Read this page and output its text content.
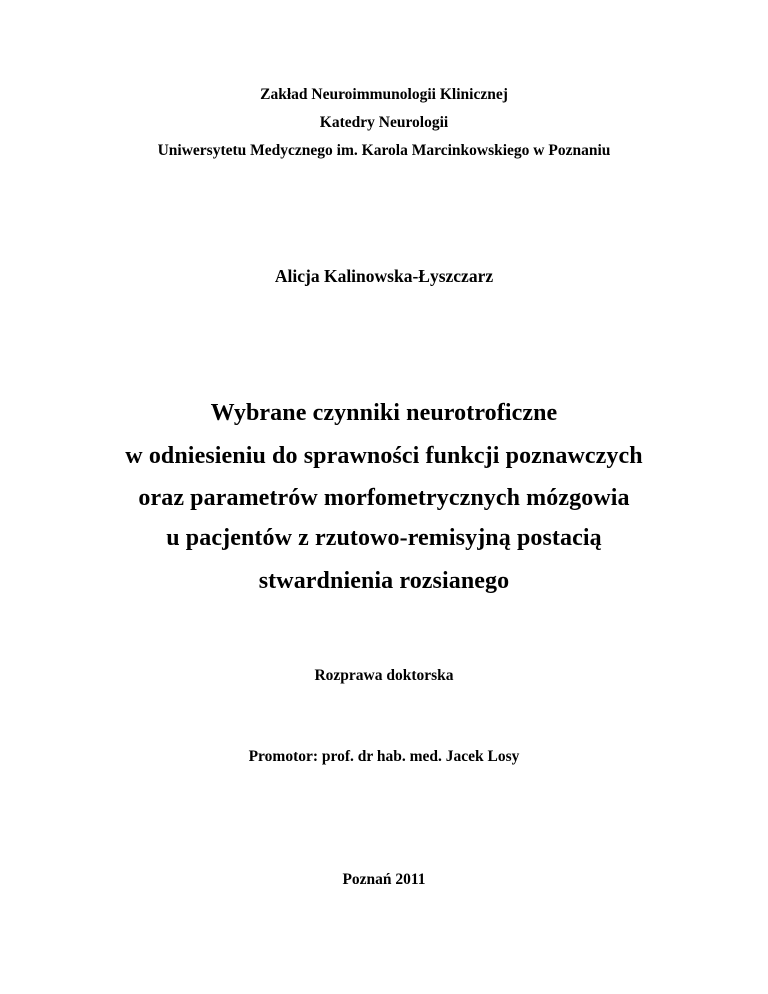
Zakład Neuroimmunologii Klinicznej
Katedry Neurologii
Uniwersytetu Medycznego im. Karola Marcinkowskiego w Poznaniu
Alicja Kalinowska-Łyszczarz
Wybrane czynniki neurotroficzne
w odniesieniu do sprawności funkcji poznawczych
oraz parametrów morfometrycznych mózgowia
u pacjentów z rzutowo-remisyjną postacią
stwardnienia rozsianego
Rozprawa doktorska
Promotor: prof. dr hab. med. Jacek Losy
Poznań 2011
